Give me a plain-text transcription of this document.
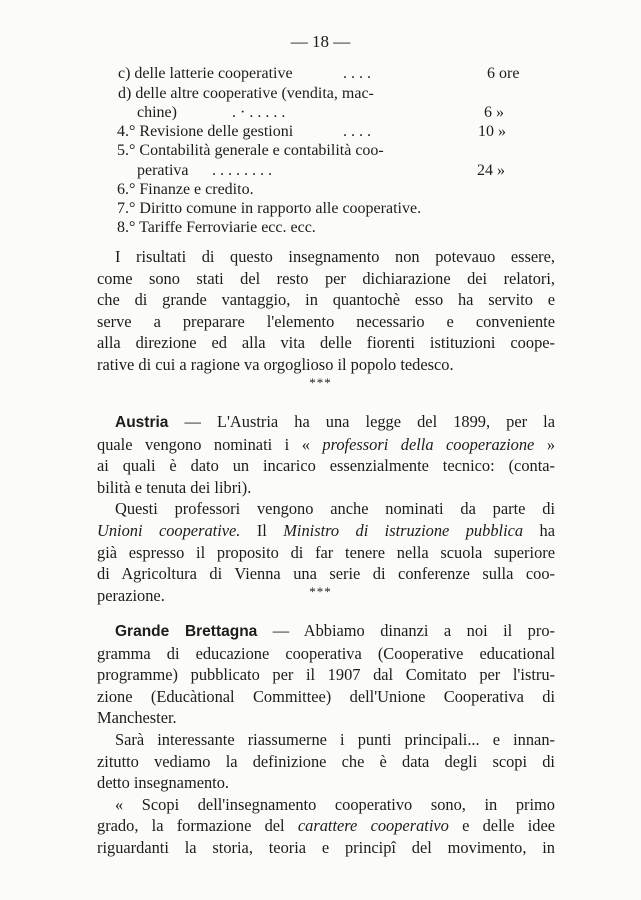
— 18 —
c) delle latterie cooperative	. . . .	6 ore
d) delle altre cooperative (vendita, mac-
chine)	. · . . . . .	6 »
4.° Revisione delle gestioni	. . . .	10 »
5.° Contabilità generale e contabilità coo-
perativa . . . . . . . .	24 »
6.° Finanze e credito.
7.° Diritto comune in rapporto alle cooperative.
8.° Tariffe Ferroviarie ecc. ecc.
I risultati di questo insegnamento non potevauo essere,
come sono stati del resto per dichiarazione dei relatori,
che di grande vantaggio, in quantochè esso ha servito e
serve a preparare l'elemento necessario e conveniente
alla direzione ed alla vita delle fiorenti istituzioni coope-
rative di cui a ragione va orgoglioso il popolo tedesco.
***
Austria — L'Austria ha una legge del 1899, per la
quale vengono nominati i « professori della cooperazione »
ai quali è dato un incarico essenzialmente tecnico: (conta-
bilità e tenuta dei libri).
Questi professori vengono anche nominati da parte di
Unioni cooperative. Il Ministro di istruzione pubblica ha
già espresso il proposito di far tenere nella scuola superiore
di Agricoltura di Vienna una serie di conferenze sulla coo-
perazione.	***
Grande Brettagna — Abbiamo dinanzi a noi il pro-
gramma di educazione cooperativa (Cooperative educational
programme) pubblicato per il 1907 dal Comitato per l'istru-
zione (Educàtional Committee) dell'Unione Cooperativa di
Manchester.
Sarà interessante riassumerne i punti principali... e innan-
zitutto vediamo la definizione che è data degli scopi di
detto insegnamento.
« Scopi dell'insegnamento cooperativo sono, in primo
grado, la formazione del carattere cooperativo e delle idee
riguardanti la storia, teoria e principî del movimento, in
